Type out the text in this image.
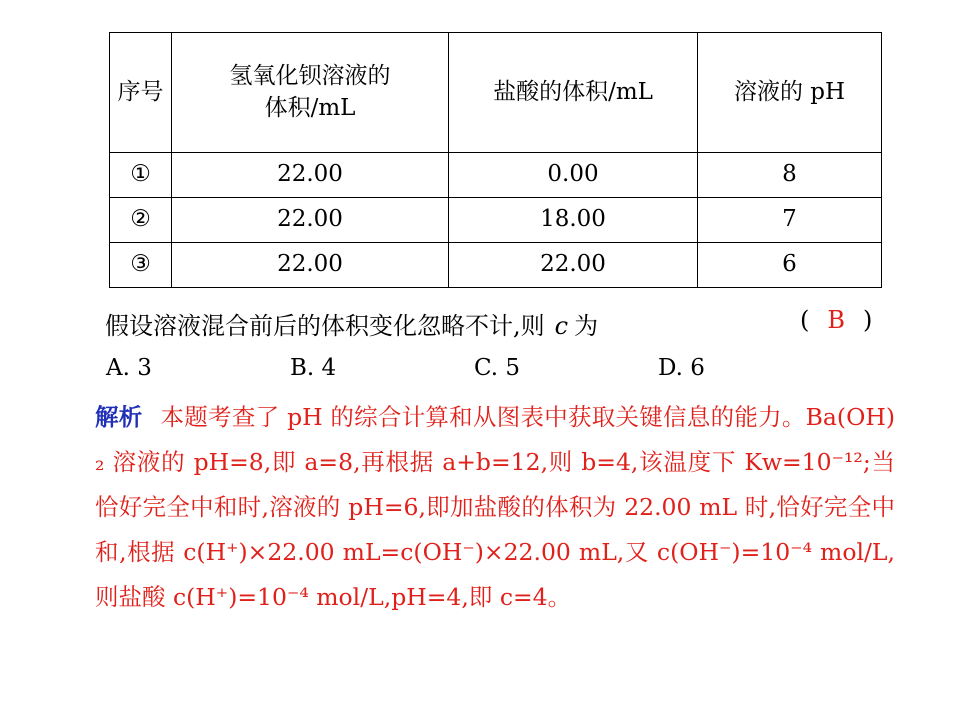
序号	氢氧化钡溶液的体积/mL	盐酸的体积/mL	溶液的 pH
①	22.00	0.00	8
②	22.00	18.00	7
③	22.00	22.00	6
假设溶液混合前后的体积变化忽略不计,则 c 为	( B )
A. 3	B. 4	C. 5	D. 6
解析 本题考查了 pH 的综合计算和从图表中获取关键信息的能力。Ba(OH)₂ 溶液的 pH=8,即 a=8,再根据 a+b=12,则 b=4,该温度下 Kw=10⁻¹²;当恰好完全中和时,溶液的 pH=6,即加盐酸的体积为 22.00 mL 时,恰好完全中和,根据 c(H⁺)×22.00 mL=c(OH⁻)×22.00 mL,又 c(OH⁻)=10⁻⁴ mol/L,则盐酸 c(H⁺)=10⁻⁴ mol/L,pH=4,即 c=4。
